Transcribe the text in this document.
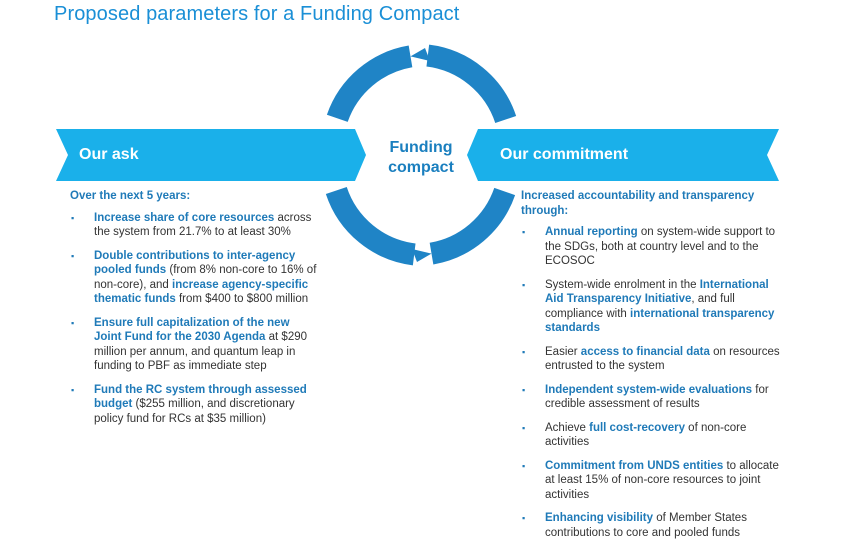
Proposed parameters for a Funding Compact
Our ask	Our commitment
Funding
compact
Over the next 5 years:
▪ Increase share of core resources across the system from 21.7% to at least 30%
▪ Double contributions to inter-agency pooled funds (from 8% non-core to 16% of non-core), and increase agency-specific thematic funds from $400 to $800 million
▪ Ensure full capitalization of the new Joint Fund for the 2030 Agenda at $290 million per annum, and quantum leap in funding to PBF as immediate step
▪ Fund the RC system through assessed budget ($255 million, and discretionary policy fund for RCs at $35 million)
Increased accountability and transparency through:
▪ Annual reporting on system-wide support to the SDGs, both at country level and to the ECOSOC
▪ System-wide enrolment in the International Aid Transparency Initiative, and full compliance with international transparency standards
▪ Easier access to financial data on resources entrusted to the system
▪ Independent system-wide evaluations for credible assessment of results
▪ Achieve full cost-recovery of non-core activities
▪ Commitment from UNDS entities to allocate at least 15% of non-core resources to joint activities
▪ Enhancing visibility of Member States contributions to core and pooled funds
